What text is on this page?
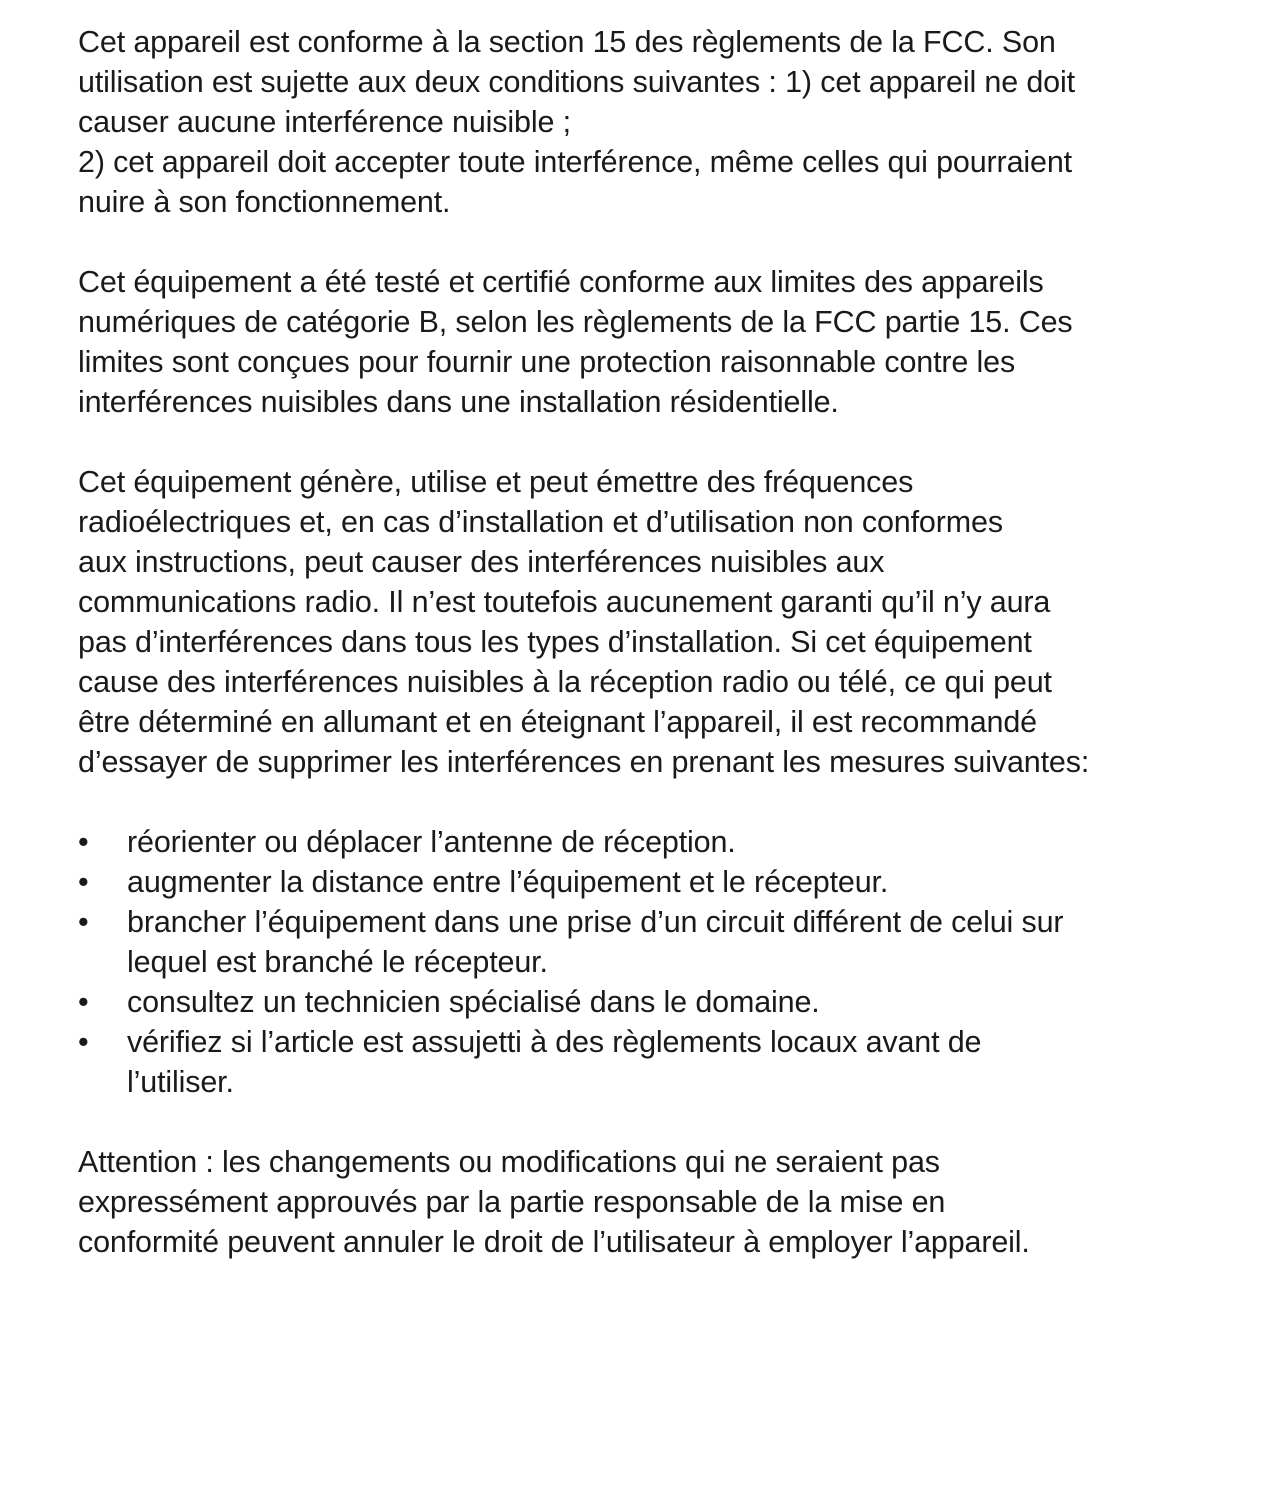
Cet appareil est conforme à la section 15 des règlements de la FCC. Son
utilisation est sujette aux deux conditions suivantes : 1) cet appareil ne doit
causer aucune interférence nuisible ;
2) cet appareil doit accepter toute interférence, même celles qui pourraient
nuire à son fonctionnement.

Cet équipement a été testé et certifié conforme aux limites des appareils
numériques de catégorie B, selon les règlements de la FCC partie 15. Ces
limites sont conçues pour fournir une protection raisonnable contre les
interférences nuisibles dans une installation résidentielle.

Cet équipement génère, utilise et peut émettre des fréquences
radioélectriques et, en cas d’installation et d’utilisation non conformes
aux instructions, peut causer des interférences nuisibles aux
communications radio. Il n’est toutefois aucunement garanti qu’il n’y aura
pas d’interférences dans tous les types d’installation. Si cet équipement
cause des interférences nuisibles à la réception radio ou télé, ce qui peut
être déterminé en allumant et en éteignant l’appareil, il est recommandé
d’essayer de supprimer les interférences en prenant les mesures suivantes:

•	réorienter ou déplacer l’antenne de réception.
•	augmenter la distance entre l’équipement et le récepteur.
•	brancher l’équipement dans une prise d’un circuit différent de celui sur
lequel est branché le récepteur.
•	consultez un technicien spécialisé dans le domaine.
•	vérifiez si l’article est assujetti à des règlements locaux avant de
l’utiliser.

Attention : les changements ou modifications qui ne seraient pas
expressément approuvés par la partie responsable de la mise en
conformité peuvent annuler le droit de l’utilisateur à employer l’appareil.
